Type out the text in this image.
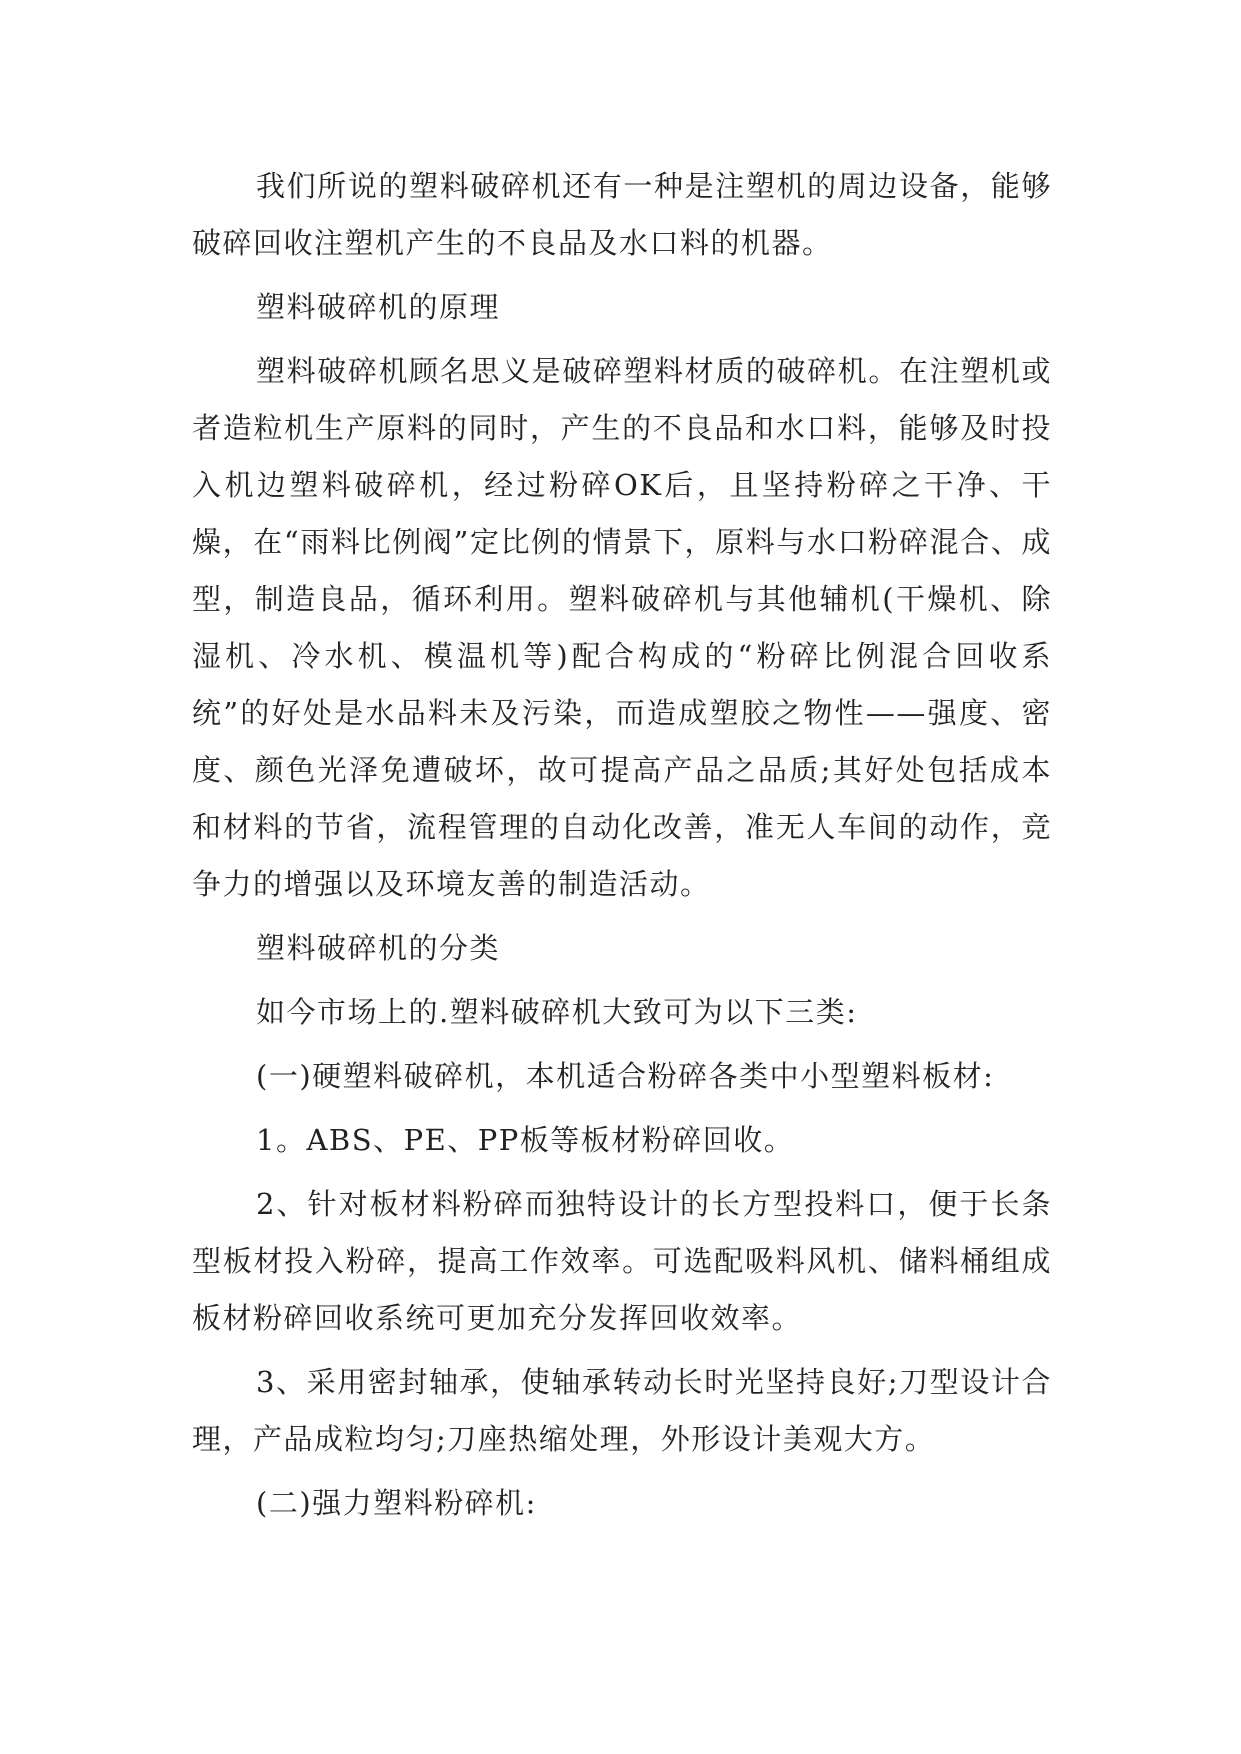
我们所说的塑料破碎机还有一种是注塑机的周边设备，能够破碎回收注塑机产生的不良品及水口料的机器。

塑料破碎机的原理

塑料破碎机顾名思义是破碎塑料材质的破碎机。在注塑机或者造粒机生产原料的同时，产生的不良品和水口料，能够及时投入机边塑料破碎机，经过粉碎OK后，且坚持粉碎之干净、干燥，在“雨料比例阀”定比例的情景下，原料与水口粉碎混合、成型，制造良品，循环利用。塑料破碎机与其他辅机(干燥机、除湿机、冷水机、模温机等)配合构成的“粉碎比例混合回收系统”的好处是水品料未及污染，而造成塑胶之物性——强度、密度、颜色光泽免遭破坏，故可提高产品之品质;其好处包括成本和材料的节省，流程管理的自动化改善，准无人车间的动作，竞争力的增强以及环境友善的制造活动。

塑料破碎机的分类

如今市场上的.塑料破碎机大致可为以下三类:

(一)硬塑料破碎机，本机适合粉碎各类中小型塑料板材:

1。ABS、PE、PP板等板材粉碎回收。

2、针对板材料粉碎而独特设计的长方型投料口，便于长条型板材投入粉碎，提高工作效率。可选配吸料风机、储料桶组成板材粉碎回收系统可更加充分发挥回收效率。

3、采用密封轴承，使轴承转动长时光坚持良好;刀型设计合理，产品成粒均匀;刀座热缩处理，外形设计美观大方。

(二)强力塑料粉碎机:
